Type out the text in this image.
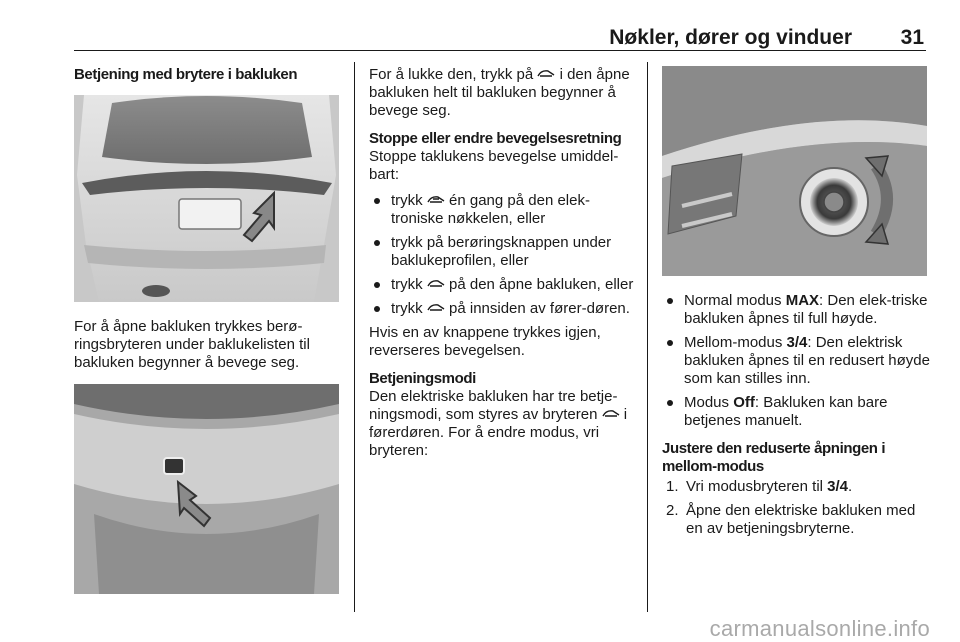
Nøkler, dører og vinduer 31

Betjening med brytere i bakluken

For å åpne bakluken trykkes berø-ringsbryteren under baklukelisten til bakluken begynner å bevege seg.

For å lukke den, trykk på i den åpne bakluken helt til bakluken begynner å bevege seg.

Stoppe eller endre bevegelsesretning

Stoppe taklukens bevegelse umiddel-bart:

trykk én gang på den elek-troniske nøkkelen, eller
trykk på berøringsknappen under baklukeprofilen, eller
trykk på den åpne bakluken, eller
trykk på innsiden av fører-døren.

Hvis en av knappene trykkes igjen, reverseres bevegelsen.

Betjeningsmodi

Den elektriske bakluken har tre betje-ningsmodi, som styres av bryteren i førerdøren. For å endre modus, vri bryteren:

Normal modus MAX: Den elek-triske bakluken åpnes til full høyde.
Mellom-modus 3/4: Den elektrisk bakluken åpnes til en redusert høyde som kan stilles inn.
Modus Off: Bakluken kan bare betjenes manuelt.

Justere den reduserte åpningen i mellom-modus

1. Vri modusbryteren til 3/4.
2. Åpne den elektriske bakluken med en av betjeningsbryterne.
carmanualsonline.info
